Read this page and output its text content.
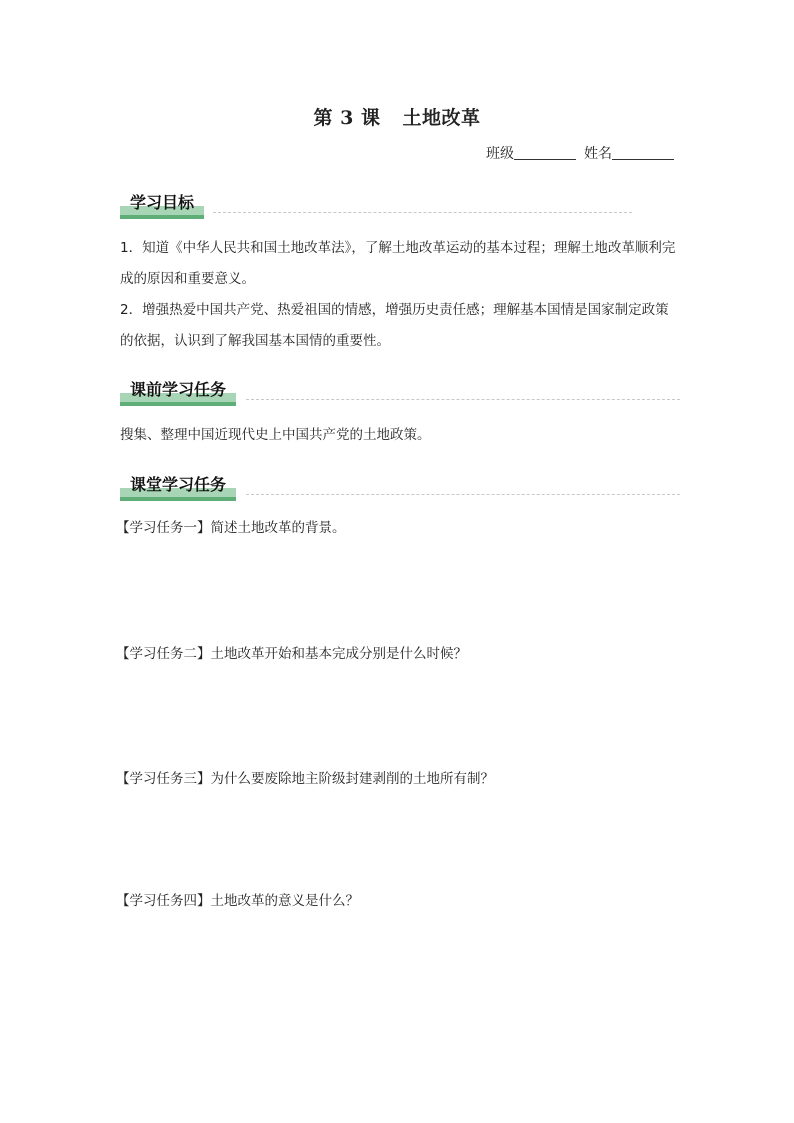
第 3 课 土地改革
班级	姓名
学习目标
1．知道《中华人民共和国土地改革法》，了解土地改革运动的基本过程；理解土地改革顺利完成的原因和重要意义。
2．增强热爱中国共产党、热爱祖国的情感，增强历史责任感；理解基本国情是国家制定政策的依据，认识到了解我国基本国情的重要性。
课前学习任务
搜集、整理中国近现代史上中国共产党的土地政策。
课堂学习任务
【学习任务一】简述土地改革的背景。
【学习任务二】土地改革开始和基本完成分别是什么时候？
【学习任务三】为什么要废除地主阶级封建剥削的土地所有制？
【学习任务四】土地改革的意义是什么？
